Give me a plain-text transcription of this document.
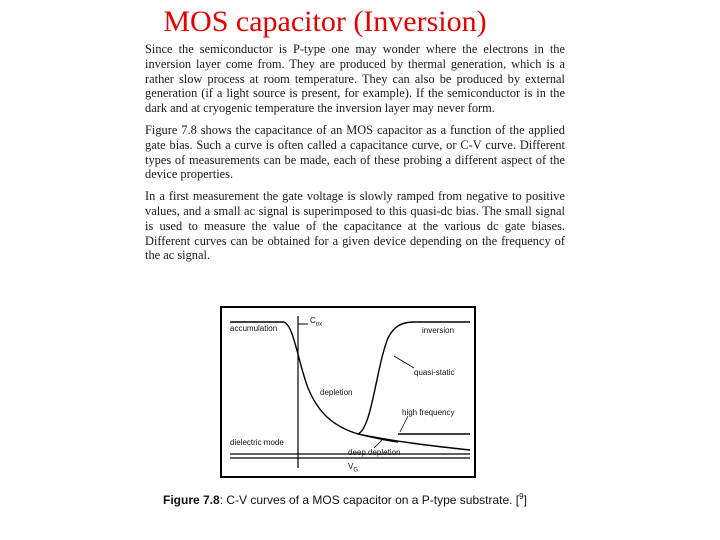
MOS capacitor (Inversion)

Since the semiconductor is P-type one may wonder where the electrons in the inversion layer come from. They are produced by thermal generation, which is a rather slow process at room temperature. They can also be produced by external generation (if a light source is present, for example). If the semiconductor is in the dark and at cryogenic temperature the inversion layer may never form.

Figure 7.8 shows the capacitance of an MOS capacitor as a function of the applied gate bias. Such a curve is often called a capacitance curve, or C-V curve. Different types of measurements can be made, each of these probing a different aspect of the device properties.

In a first measurement the gate voltage is slowly ramped from negative to positive values, and a small ac signal is superimposed to this quasi-dc bias. The small signal is used to measure the value of the capacitance at the various dc gate biases. Different curves can be obtained for a given device depending on the frequency of the ac signal.

accumulation
$C_{ox}$
inversion
quasi-static
depletion
high frequency
dielectric mode
deep depletion
$V_G$
Figure 7.8: C-V curves of a MOS capacitor on a P-type substrate. [$^9$]
